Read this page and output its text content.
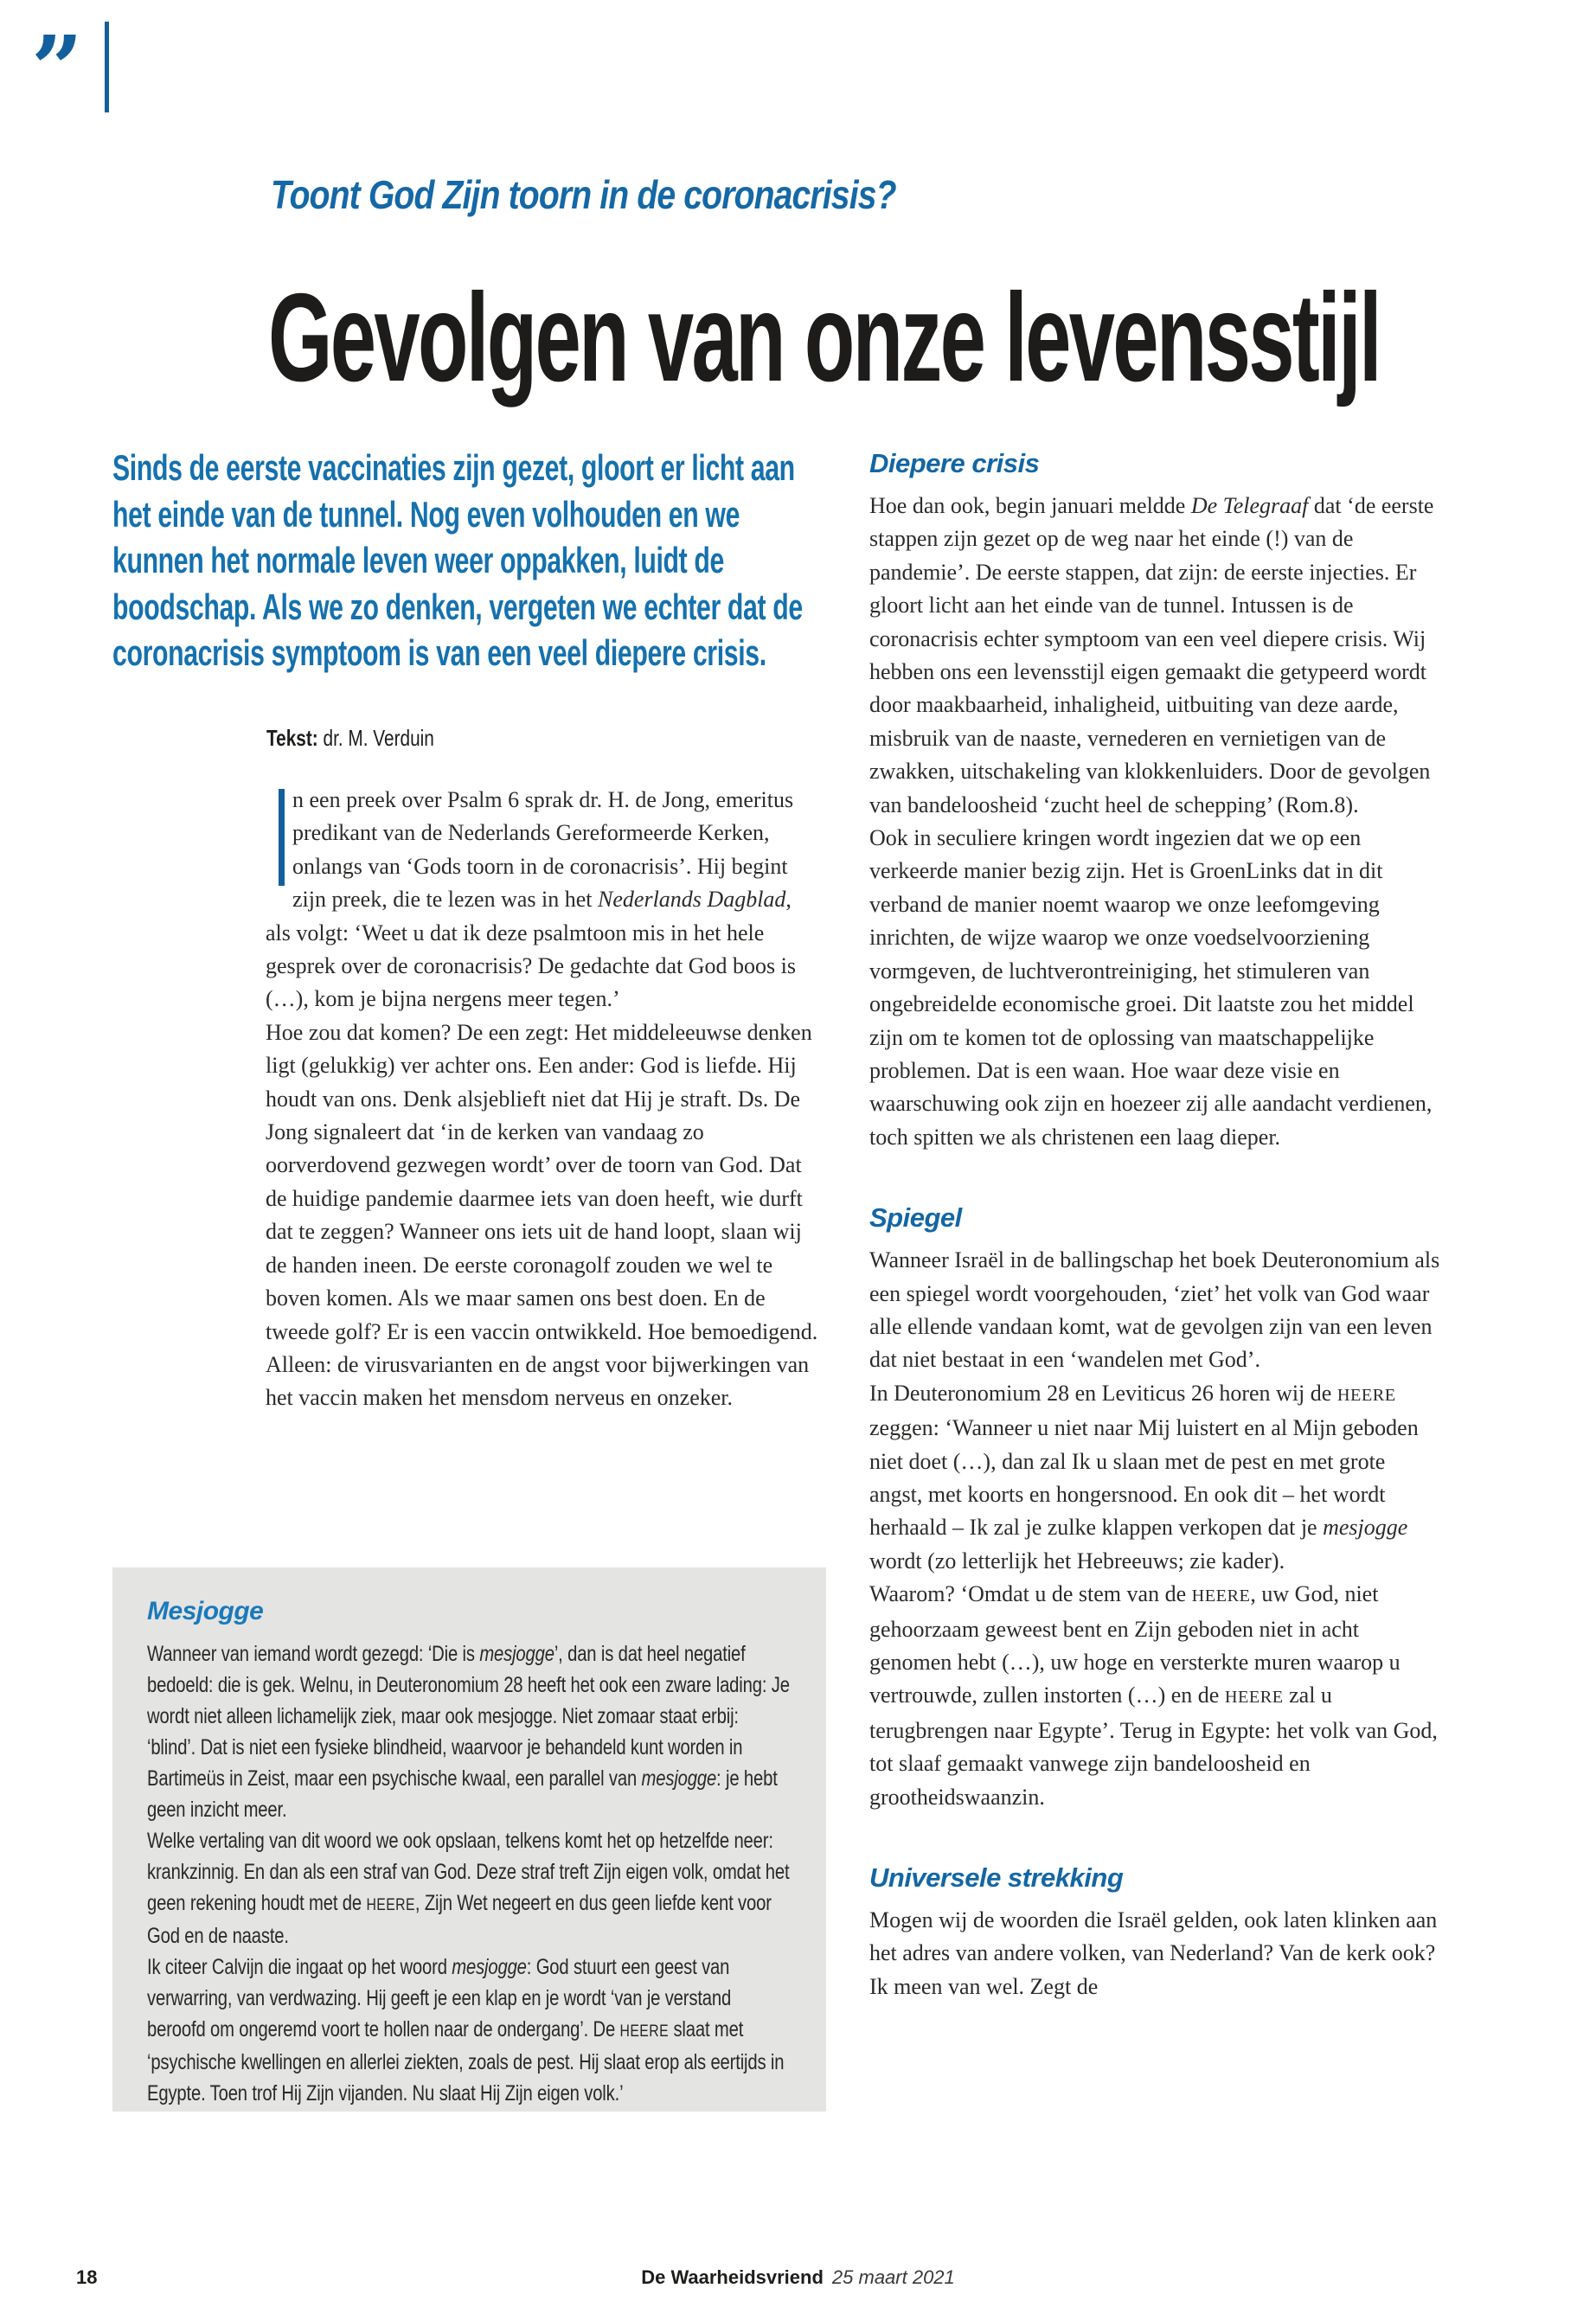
”
Toont God Zijn toorn in de coronacrisis?
Gevolgen van onze levensstijl
Sinds de eerste vaccinaties zijn gezet, gloort er licht aan het einde van de tunnel. Nog even volhouden en we kunnen het normale leven weer oppakken, luidt de boodschap. Als we zo denken, vergeten we echter dat de coronacrisis symptoom is van een veel diepere crisis.
Tekst: dr. M. Verduin

n een preek over Psalm 6 sprak dr. H. de Jong, emeritus predikant van de Nederlands Gereformeerde Kerken, onlangs van ‘Gods toorn in de coronacrisis’. Hij begint zijn preek, die te lezen was in het Nederlands Dagblad, als volgt: ‘Weet u dat ik deze psalmtoon mis in het hele gesprek over de coronacrisis? De gedachte dat God boos is (…), kom je bijna nergens meer tegen.’

Hoe zou dat komen? De een zegt: Het middeleeuwse denken ligt (gelukkig) ver achter ons. Een ander: God is liefde. Hij houdt van ons. Denk alsjeblieft niet dat Hij je straft. Ds. De Jong signaleert dat ‘in de kerken van vandaag zo oorverdovend gezwegen wordt’ over de toorn van God. Dat de huidige pandemie daarmee iets van doen heeft, wie durft dat te zeggen? Wanneer ons iets uit de hand loopt, slaan wij de handen ineen. De eerste coronagolf zouden we wel te boven komen. Als we maar samen ons best doen. En de tweede golf? Er is een vaccin ontwikkeld. Hoe bemoedigend. Alleen: de virusvarianten en de angst voor bijwerkingen van het vaccin maken het mensdom nerveus en onzeker.

Diepere crisis

Hoe dan ook, begin januari meldde De Telegraaf dat ‘de eerste stappen zijn gezet op de weg naar het einde (!) van de pandemie’. De eerste stappen, dat zijn: de eerste injecties. Er gloort licht aan het einde van de tunnel. Intussen is de coronacrisis echter symptoom van een veel diepere crisis. Wij hebben ons een levensstijl eigen gemaakt die getypeerd wordt door maakbaarheid, inhaligheid, uitbuiting van deze aarde, misbruik van de naaste, vernederen en vernietigen van de zwakken, uitschakeling van klokkenluiders. Door de gevolgen van bandeloosheid ‘zucht heel de schepping’ (Rom.8).

Ook in seculiere kringen wordt ingezien dat we op een verkeerde manier bezig zijn. Het is GroenLinks dat in dit verband de manier noemt waarop we onze leefomgeving inrichten, de wijze waarop we onze voedselvoorziening vormgeven, de luchtverontreiniging, het stimuleren van ongebreidelde economische groei. Dit laatste zou het middel zijn om te komen tot de oplossing van maatschappelijke problemen. Dat is een waan. Hoe waar deze visie en waarschuwing ook zijn en hoezeer zij alle aandacht verdienen, toch spitten we als christenen een laag dieper.

Spiegel

Wanneer Israël in de ballingschap het boek Deuteronomium als een spiegel wordt voorgehouden, ‘ziet’ het volk van God waar alle ellende vandaan komt, wat de gevolgen zijn van een leven dat niet bestaat in een ‘wandelen met God’.

In Deuteronomium 28 en Leviticus 26 horen wij de HEERE zeggen: ‘Wanneer u niet naar Mij luistert en al Mijn geboden niet doet (…), dan zal Ik u slaan met de pest en met grote angst, met koorts en hongersnood. En ook dit – het wordt herhaald – Ik zal je zulke klappen verkopen dat je mesjogge wordt (zo letterlijk het Hebreeuws; zie kader).

Waarom? ‘Omdat u de stem van de HEERE, uw God, niet gehoorzaam geweest bent en Zijn geboden niet in acht genomen hebt (…), uw hoge en versterkte muren waarop u vertrouwde, zullen instorten (…) en de HEERE zal u terugbrengen naar Egypte’. Terug in Egypte: het volk van God, tot slaaf gemaakt vanwege zijn bandeloosheid en grootheidswaanzin.

Universele strekking

Mogen wij de woorden die Israël gelden, ook laten klinken aan het adres van andere volken, van Nederland? Van de kerk ook? Ik meen van wel. Zegt de

Mesjogge

Wanneer van iemand wordt gezegd: ‘Die is mesjogge’, dan is dat heel negatief bedoeld: die is gek. Welnu, in Deuteronomium 28 heeft het ook een zware lading: Je wordt niet alleen lichamelijk ziek, maar ook mesjogge. Niet zomaar staat erbij: ‘blind’. Dat is niet een fysieke blindheid, waarvoor je behandeld kunt worden in Bartimeüs in Zeist, maar een psychische kwaal, een parallel van mesjogge: je hebt geen inzicht meer.

Welke vertaling van dit woord we ook opslaan, telkens komt het op hetzelfde neer: krankzinnig. En dan als een straf van God. Deze straf treft Zijn eigen volk, omdat het geen rekening houdt met de HEERE, Zijn Wet negeert en dus geen liefde kent voor God en de naaste.

Ik citeer Calvijn die ingaat op het woord mesjogge: God stuurt een geest van verwarring, van verdwazing. Hij geeft je een klap en je wordt ‘van je verstand beroofd om ongeremd voort te hollen naar de ondergang’. De HEERE slaat met ‘psychische kwellingen en allerlei ziekten, zoals de pest. Hij slaat erop als eertijds in Egypte. Toen trof Hij Zijn vijanden. Nu slaat Hij Zijn eigen volk.’

18	De Waarheidsvriend 25 maart 2021
